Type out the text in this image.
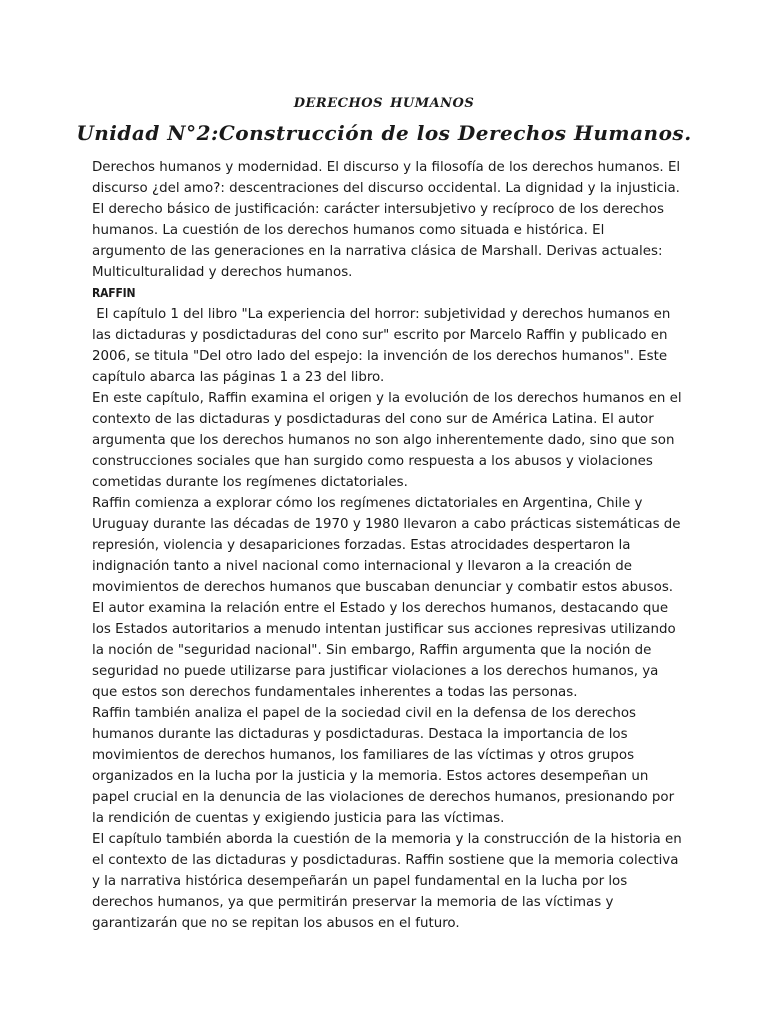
derechos humanos
Unidad N°2:Construcción de los Derechos Humanos.

Derechos humanos y modernidad. El discurso y la filosofía de los derechos humanos. El discurso ¿del amo?: descentraciones del discurso occidental. La dignidad y la injusticia. El derecho básico de justificación: carácter intersubjetivo y recíproco de los derechos humanos. La cuestión de los derechos humanos como situada e histórica. El argumento de las generaciones en la narrativa clásica de Marshall. Derivas actuales: Multiculturalidad y derechos humanos.

RAFFIN

El capítulo 1 del libro "La experiencia del horror: subjetividad y derechos humanos en las dictaduras y posdictaduras del cono sur" escrito por Marcelo Raffin y publicado en 2006, se titula "Del otro lado del espejo: la invención de los derechos humanos". Este capítulo abarca las páginas 1 a 23 del libro.

En este capítulo, Raffin examina el origen y la evolución de los derechos humanos en el contexto de las dictaduras y posdictaduras del cono sur de América Latina. El autor argumenta que los derechos humanos no son algo inherentemente dado, sino que son construcciones sociales que han surgido como respuesta a los abusos y violaciones cometidas durante los regímenes dictatoriales.

Raffin comienza a explorar cómo los regímenes dictatoriales en Argentina, Chile y Uruguay durante las décadas de 1970 y 1980 llevaron a cabo prácticas sistemáticas de represión, violencia y desapariciones forzadas. Estas atrocidades despertaron la indignación tanto a nivel nacional como internacional y llevaron a la creación de movimientos de derechos humanos que buscaban denunciar y combatir estos abusos.

El autor examina la relación entre el Estado y los derechos humanos, destacando que los Estados autoritarios a menudo intentan justificar sus acciones represivas utilizando la noción de "seguridad nacional". Sin embargo, Raffin argumenta que la noción de seguridad no puede utilizarse para justificar violaciones a los derechos humanos, ya que estos son derechos fundamentales inherentes a todas las personas.

Raffin también analiza el papel de la sociedad civil en la defensa de los derechos humanos durante las dictaduras y posdictaduras. Destaca la importancia de los movimientos de derechos humanos, los familiares de las víctimas y otros grupos organizados en la lucha por la justicia y la memoria. Estos actores desempeñan un papel crucial en la denuncia de las violaciones de derechos humanos, presionando por la rendición de cuentas y exigiendo justicia para las víctimas.

El capítulo también aborda la cuestión de la memoria y la construcción de la historia en el contexto de las dictaduras y posdictaduras. Raffin sostiene que la memoria colectiva y la narrativa histórica desempeñarán un papel fundamental en la lucha por los derechos humanos, ya que permitirán preservar la memoria de las víctimas y garantizarán que no se repitan los abusos en el futuro.
